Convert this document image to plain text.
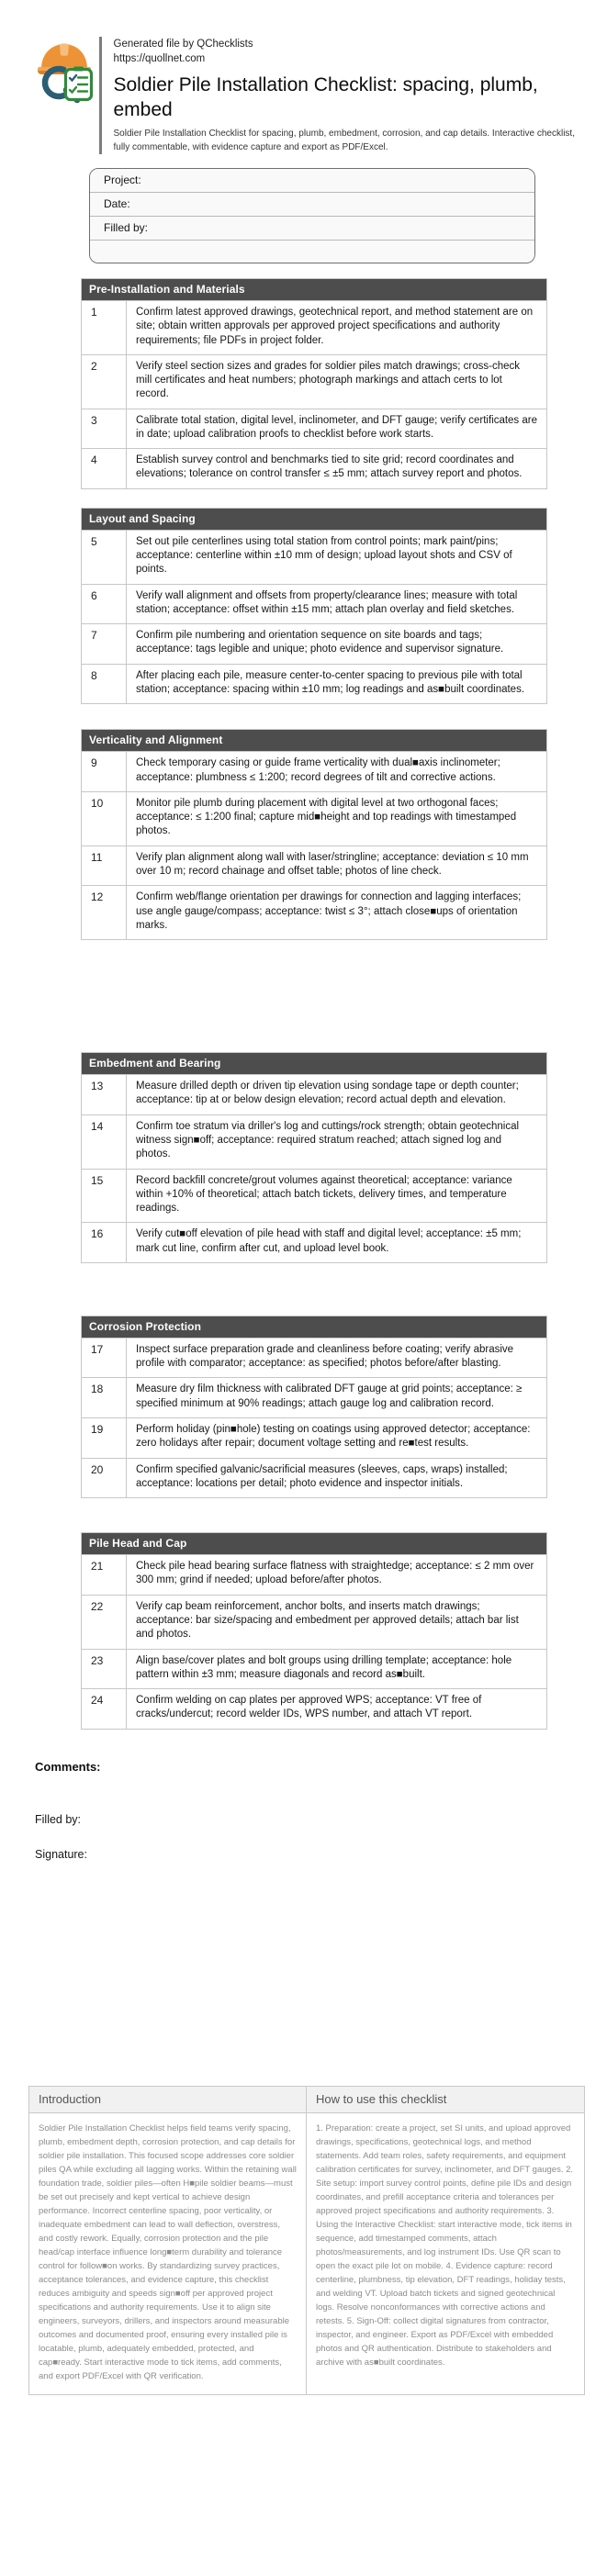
Generated file by QChecklists
https://quollnet.com
Soldier Pile Installation Checklist: spacing, plumb, embed
Soldier Pile Installation Checklist for spacing, plumb, embedment, corrosion, and cap details. Interactive checklist, fully commentable, with evidence capture and export as PDF/Excel.
Project:
Date:
Filled by:
Pre-Installation and Materials
1	Confirm latest approved drawings, geotechnical report, and method statement are on site; obtain written approvals per approved project specifications and authority requirements; file PDFs in project folder.
2	Verify steel section sizes and grades for soldier piles match drawings; cross-check mill certificates and heat numbers; photograph markings and attach certs to lot record.
3	Calibrate total station, digital level, inclinometer, and DFT gauge; verify certificates are in date; upload calibration proofs to checklist before work starts.
4	Establish survey control and benchmarks tied to site grid; record coordinates and elevations; tolerance on control transfer ≤ ±5 mm; attach survey report and photos.
Layout and Spacing
5	Set out pile centerlines using total station from control points; mark paint/pins; acceptance: centerline within ±10 mm of design; upload layout shots and CSV of points.
6	Verify wall alignment and offsets from property/clearance lines; measure with total station; acceptance: offset within ±15 mm; attach plan overlay and field sketches.
7	Confirm pile numbering and orientation sequence on site boards and tags; acceptance: tags legible and unique; photo evidence and supervisor signature.
8	After placing each pile, measure center-to-center spacing to previous pile with total station; acceptance: spacing within ±10 mm; log readings and as■built coordinates.
Verticality and Alignment
9	Check temporary casing or guide frame verticality with dual■axis inclinometer; acceptance: plumbness ≤ 1:200; record degrees of tilt and corrective actions.
10	Monitor pile plumb during placement with digital level at two orthogonal faces; acceptance: ≤ 1:200 final; capture mid■height and top readings with timestamped photos.
11	Verify plan alignment along wall with laser/stringline; acceptance: deviation ≤ 10 mm over 10 m; record chainage and offset table; photos of line check.
12	Confirm web/flange orientation per drawings for connection and lagging interfaces; use angle gauge/compass; acceptance: twist ≤ 3°; attach close■ups of orientation marks.
Embedment and Bearing
13	Measure drilled depth or driven tip elevation using sondage tape or depth counter; acceptance: tip at or below design elevation; record actual depth and elevation.
14	Confirm toe stratum via driller's log and cuttings/rock strength; obtain geotechnical witness sign■off; acceptance: required stratum reached; attach signed log and photos.
15	Record backfill concrete/grout volumes against theoretical; acceptance: variance within +10% of theoretical; attach batch tickets, delivery times, and temperature readings.
16	Verify cut■off elevation of pile head with staff and digital level; acceptance: ±5 mm; mark cut line, confirm after cut, and upload level book.
Corrosion Protection
17	Inspect surface preparation grade and cleanliness before coating; verify abrasive profile with comparator; acceptance: as specified; photos before/after blasting.
18	Measure dry film thickness with calibrated DFT gauge at grid points; acceptance: ≥ specified minimum at 90% readings; attach gauge log and calibration record.
19	Perform holiday (pin■hole) testing on coatings using approved detector; acceptance: zero holidays after repair; document voltage setting and re■test results.
20	Confirm specified galvanic/sacrificial measures (sleeves, caps, wraps) installed; acceptance: locations per detail; photo evidence and inspector initials.
Pile Head and Cap
21	Check pile head bearing surface flatness with straightedge; acceptance: ≤ 2 mm over 300 mm; grind if needed; upload before/after photos.
22	Verify cap beam reinforcement, anchor bolts, and inserts match drawings; acceptance: bar size/spacing and embedment per approved details; attach bar list and photos.
23	Align base/cover plates and bolt groups using drilling template; acceptance: hole pattern within ±3 mm; measure diagonals and record as■built.
24	Confirm welding on cap plates per approved WPS; acceptance: VT free of cracks/undercut; record welder IDs, WPS number, and attach VT report.
Comments:
Filled by:
Signature:
Introduction	How to use this checklist
Soldier Pile Installation Checklist helps field teams verify spacing, plumb, embedment depth, corrosion protection, and cap details for soldier pile installation. This focused scope addresses core soldier piles QA while excluding all lagging works. Within the retaining wall foundation trade, soldier piles—often H■pile soldier beams—must be set out precisely and kept vertical to achieve design performance. Incorrect centerline spacing, poor verticality, or inadequate embedment can lead to wall deflection, overstress, and costly rework. Equally, corrosion protection and the pile head/cap interface influence long■term durability and tolerance control for follow■on works. By standardizing survey practices, acceptance tolerances, and evidence capture, this checklist reduces ambiguity and speeds sign■off per approved project specifications and authority requirements. Use it to align site engineers, surveyors, drillers, and inspectors around measurable outcomes and documented proof, ensuring every installed pile is locatable, plumb, adequately embedded, protected, and cap■ready. Start interactive mode to tick items, add comments, and export PDF/Excel with QR verification.
1. Preparation: create a project, set SI units, and upload approved drawings, specifications, geotechnical logs, and method statements. Add team roles, safety requirements, and equipment calibration certificates for survey, inclinometer, and DFT gauges. 2. Site setup: import survey control points, define pile IDs and design coordinates, and prefill acceptance criteria and tolerances per approved project specifications and authority requirements. 3. Using the Interactive Checklist: start interactive mode, tick items in sequence, add timestamped comments, attach photos/measurements, and log instrument IDs. Use QR scan to open the exact pile lot on mobile. 4. Evidence capture: record centerline, plumbness, tip elevation, DFT readings, holiday tests, and welding VT. Upload batch tickets and signed geotechnical logs. Resolve nonconformances with corrective actions and retests. 5. Sign-Off: collect digital signatures from contractor, inspector, and engineer. Export as PDF/Excel with embedded photos and QR authentication. Distribute to stakeholders and archive with as■built coordinates.
